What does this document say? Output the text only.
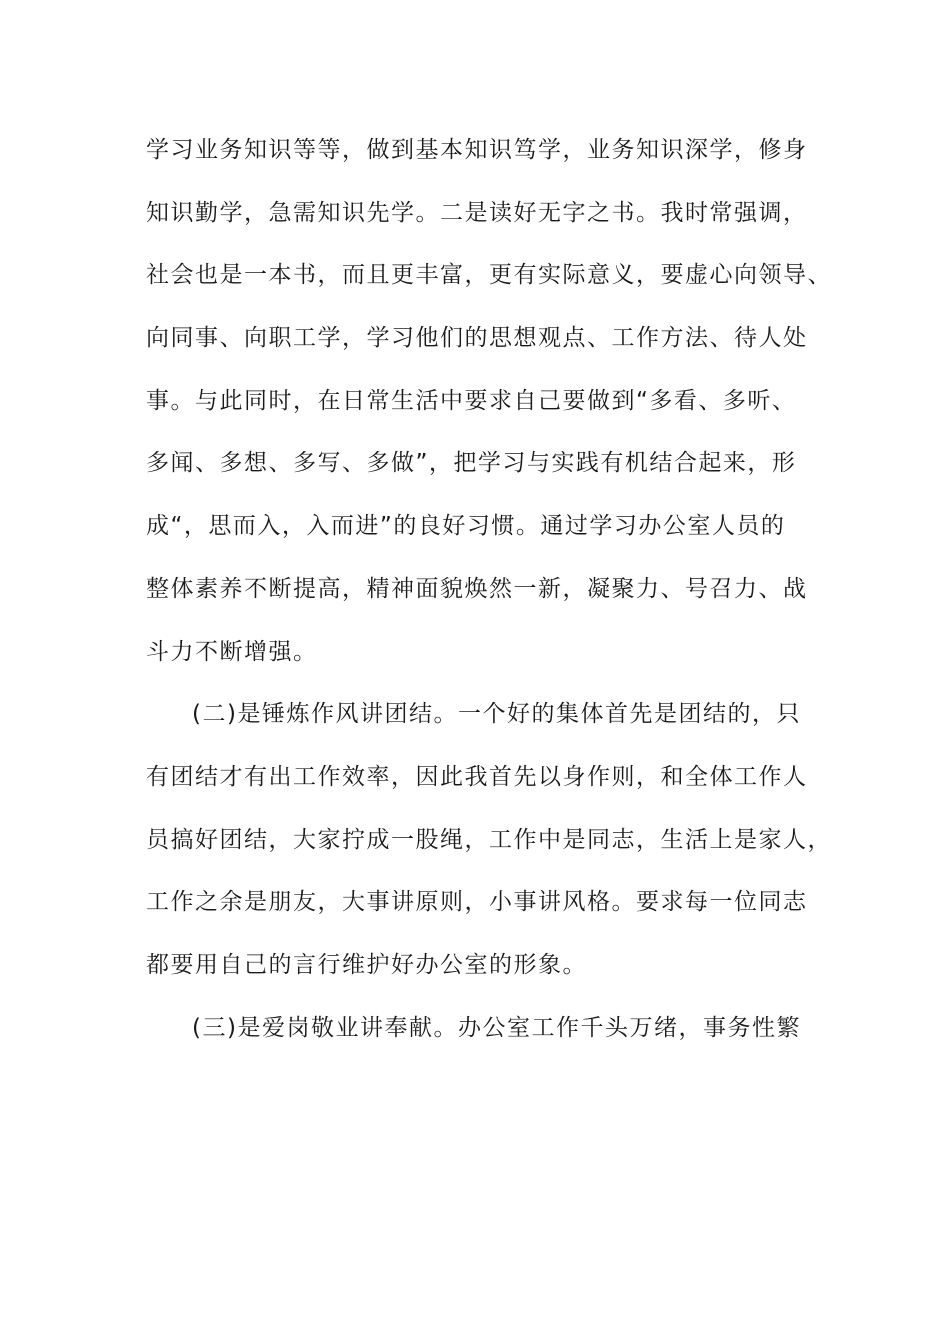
学习业务知识等等，做到基本知识笃学，业务知识深学，修身
知识勤学，急需知识先学。二是读好无字之书。我时常强调，
社会也是一本书，而且更丰富，更有实际意义，要虚心向领导、
向同事、向职工学，学习他们的思想观点、工作方法、待人处
事。与此同时，在日常生活中要求自己要做到“多看、多听、
多闻、多想、多写、多做”，把学习与实践有机结合起来，形
成“，思而入，入而进”的良好习惯。通过学习办公室人员的
整体素养不断提高，精神面貌焕然一新，凝聚力、号召力、战
斗力不断增强。
(二)是锤炼作风讲团结。一个好的集体首先是团结的，只
有团结才有出工作效率，因此我首先以身作则，和全体工作人
员搞好团结，大家拧成一股绳，工作中是同志，生活上是家人，
工作之余是朋友，大事讲原则，小事讲风格。要求每一位同志
都要用自己的言行维护好办公室的形象。
(三)是爱岗敬业讲奉献。办公室工作千头万绪，事务性繁
